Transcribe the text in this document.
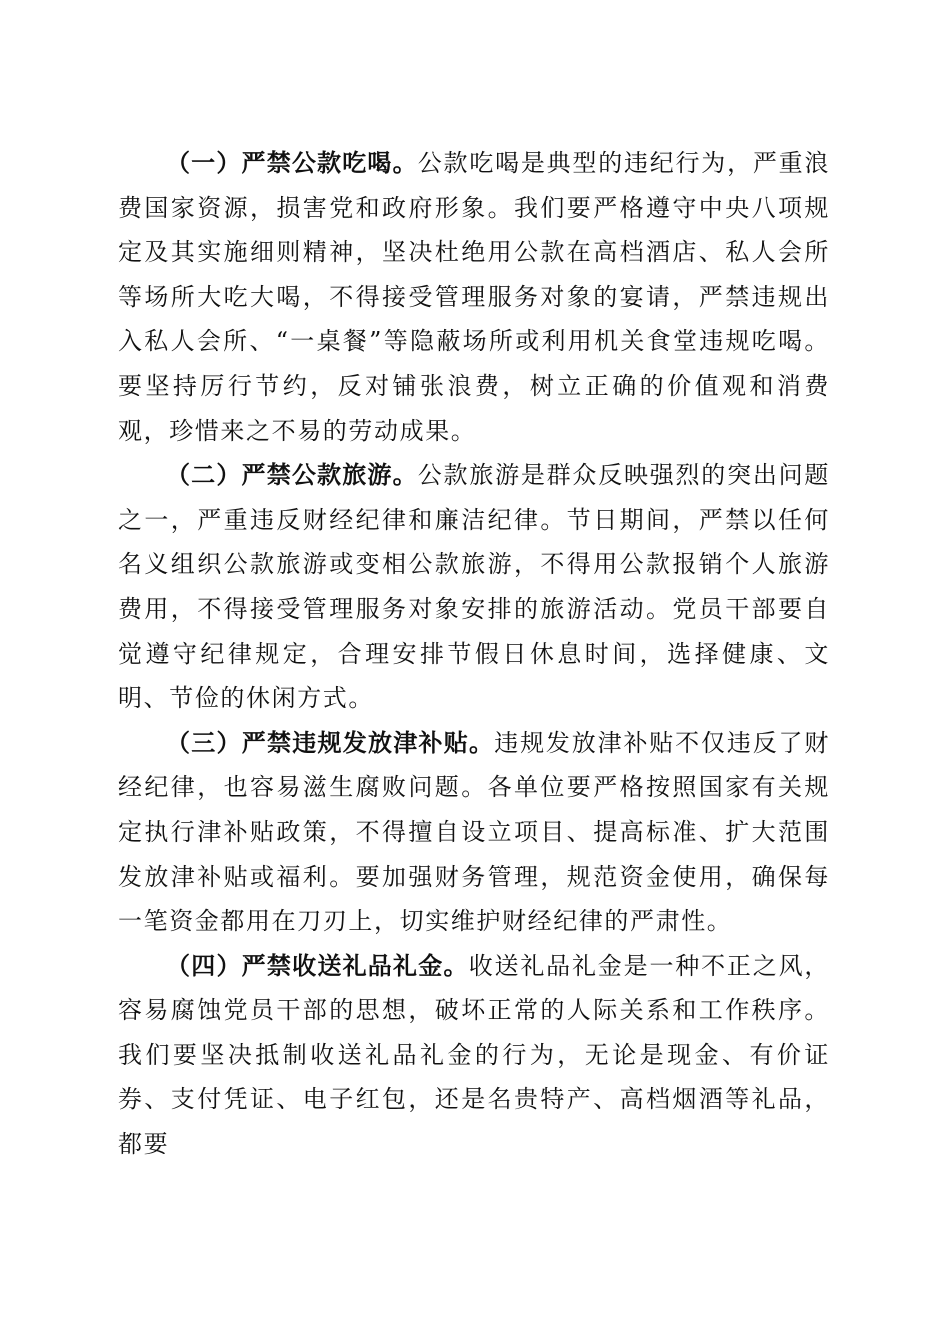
（一）严禁公款吃喝。公款吃喝是典型的违纪行为，严重浪费国家资源，损害党和政府形象。我们要严格遵守中央八项规定及其实施细则精神，坚决杜绝用公款在高档酒店、私人会所等场所大吃大喝，不得接受管理服务对象的宴请，严禁违规出入私人会所、“一桌餐”等隐蔽场所或利用机关食堂违规吃喝。要坚持厉行节约，反对铺张浪费，树立正确的价值观和消费观，珍惜来之不易的劳动成果。

（二）严禁公款旅游。公款旅游是群众反映强烈的突出问题之一，严重违反财经纪律和廉洁纪律。节日期间，严禁以任何名义组织公款旅游或变相公款旅游，不得用公款报销个人旅游费用，不得接受管理服务对象安排的旅游活动。党员干部要自觉遵守纪律规定，合理安排节假日休息时间，选择健康、文明、节俭的休闲方式。

（三）严禁违规发放津补贴。违规发放津补贴不仅违反了财经纪律，也容易滋生腐败问题。各单位要严格按照国家有关规定执行津补贴政策，不得擅自设立项目、提高标准、扩大范围发放津补贴或福利。要加强财务管理，规范资金使用，确保每一笔资金都用在刀刃上，切实维护财经纪律的严肃性。

（四）严禁收送礼品礼金。收送礼品礼金是一种不正之风，容易腐蚀党员干部的思想，破坏正常的人际关系和工作秩序。我们要坚决抵制收送礼品礼金的行为，无论是现金、有价证券、支付凭证、电子红包，还是名贵特产、高档烟酒等礼品，都要
